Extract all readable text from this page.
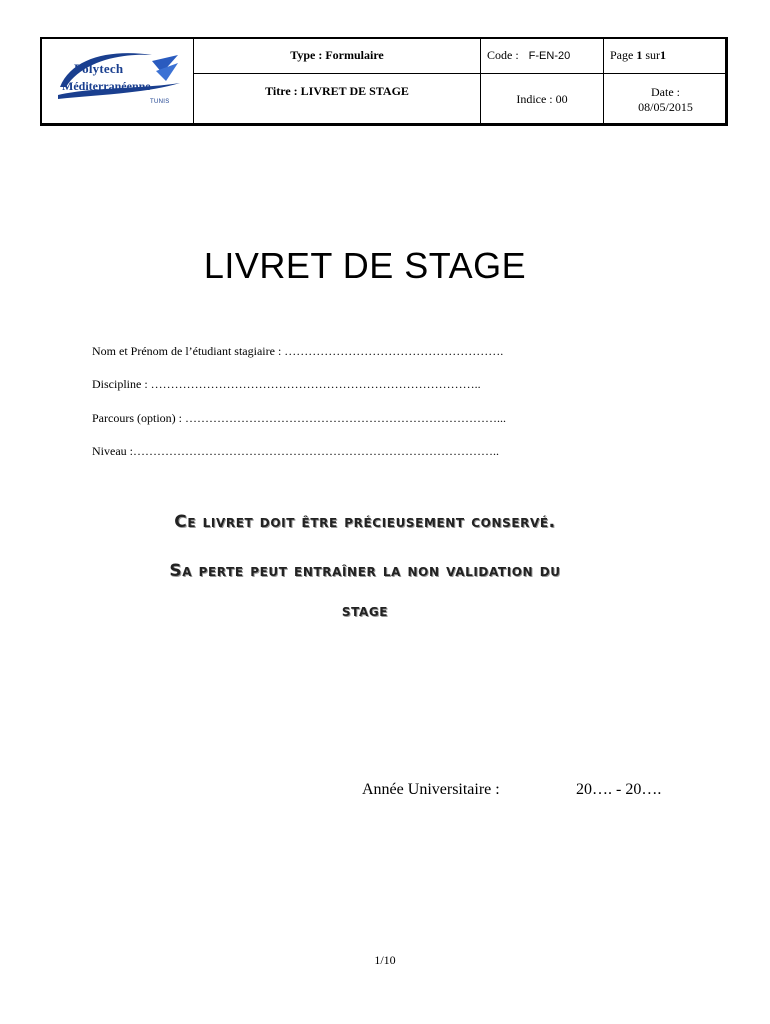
Polytech
Méditerranéenne
TUNIS	Type : Formulaire	Code : F-EN-20	Page 1 sur1
	Titre : LIVRET DE STAGE	Indice : 00	Date :
08/05/2015
LIVRET DE STAGE
Nom et Prénom de l’étudiant stagiaire : ……………………………………………….
Discipline : ………………………………………………………………………..
Parcours (option) : ……………………………………………………………………...
Niveau :………………………………………………………………………………..
Ce livret doit être précieusement conservé.
Sa perte peut entraîner la non validation du
stage
Année Universitaire :	20…. - 20….
1/10
